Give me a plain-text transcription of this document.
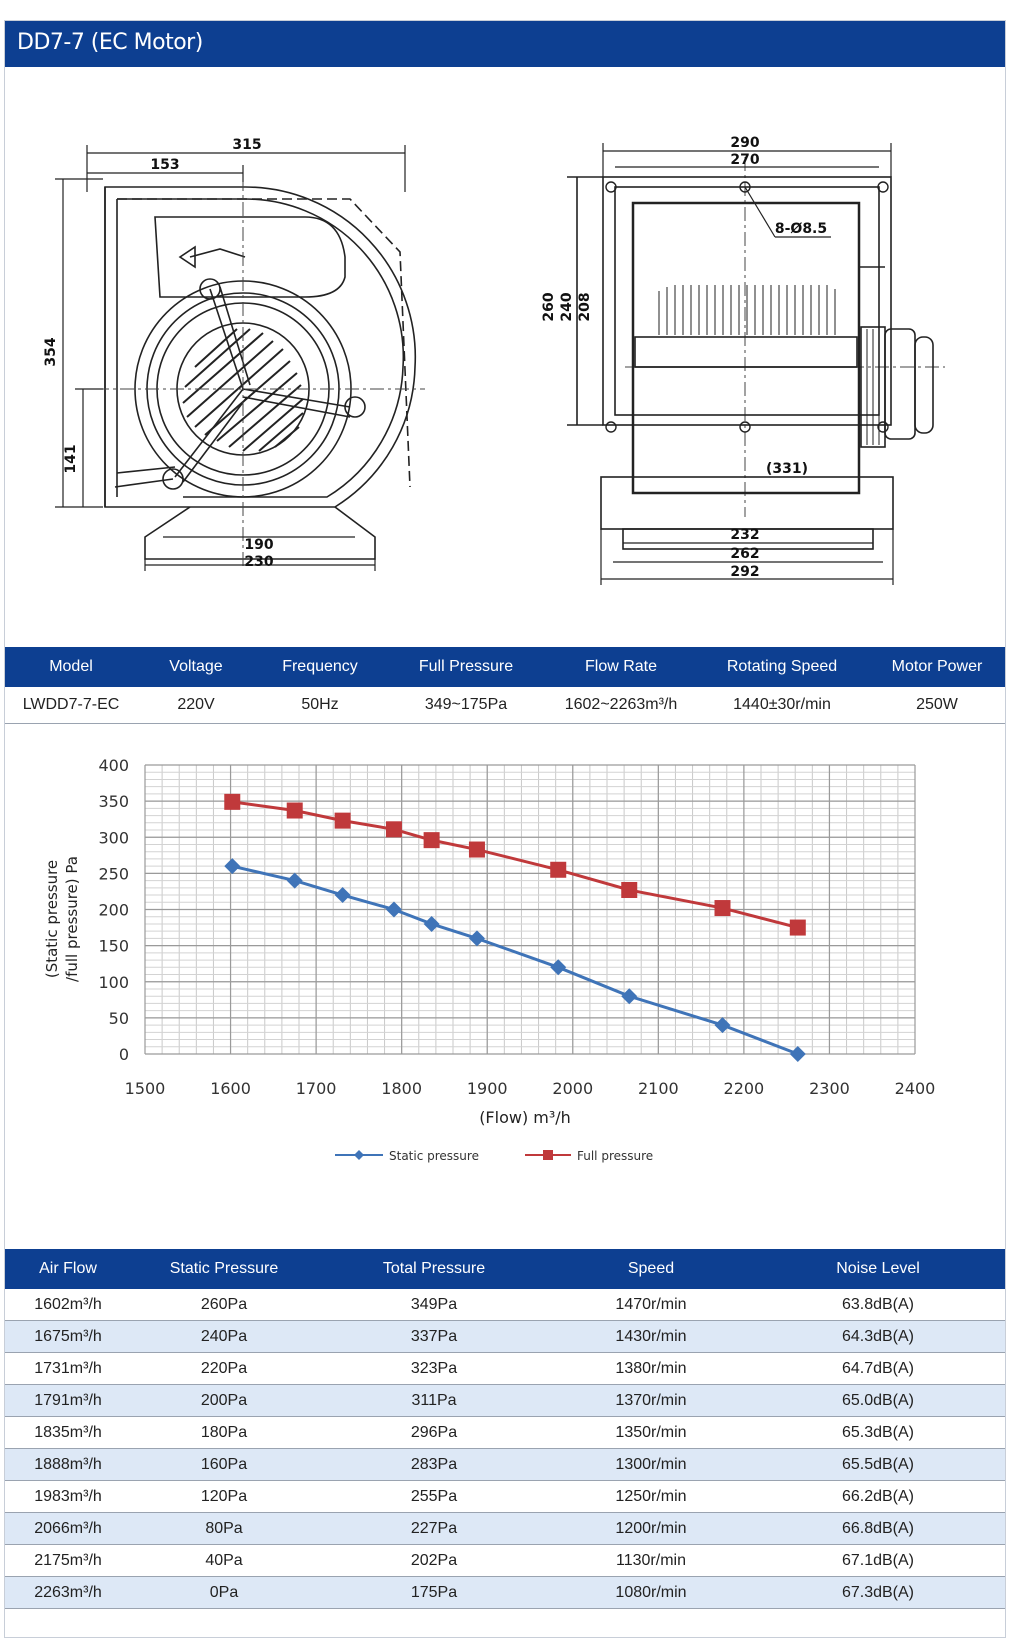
DD7-7 (EC Motor)
315
153
354
141
190
230
290
270
8-Ø8.5
260 240 208
(331)
232
262
292
Model	Voltage	Frequency	Full Pressure	Flow Rate	Rotating Speed	Motor Power
LWDD7-7-EC	220V	50Hz	349~175Pa	1602~2263m³/h	1440±30r/min	250W
1500	1600	1700	1800	1900	2000	2100	2200	2300	2400
0
50
100
150
200
250
300
350
400
(Flow) m³/h
(Static pressure /full pressure) Pa
Static pressure	Full pressure
Air Flow	Static Pressure	Total Pressure	Speed	Noise Level
1602m³/h	260Pa	349Pa	1470r/min	63.8dB(A)
1675m³/h	240Pa	337Pa	1430r/min	64.3dB(A)
1731m³/h	220Pa	323Pa	1380r/min	64.7dB(A)
1791m³/h	200Pa	311Pa	1370r/min	65.0dB(A)
1835m³/h	180Pa	296Pa	1350r/min	65.3dB(A)
1888m³/h	160Pa	283Pa	1300r/min	65.5dB(A)
1983m³/h	120Pa	255Pa	1250r/min	66.2dB(A)
2066m³/h	80Pa	227Pa	1200r/min	66.8dB(A)
2175m³/h	40Pa	202Pa	1130r/min	67.1dB(A)
2263m³/h	0Pa	175Pa	1080r/min	67.3dB(A)
